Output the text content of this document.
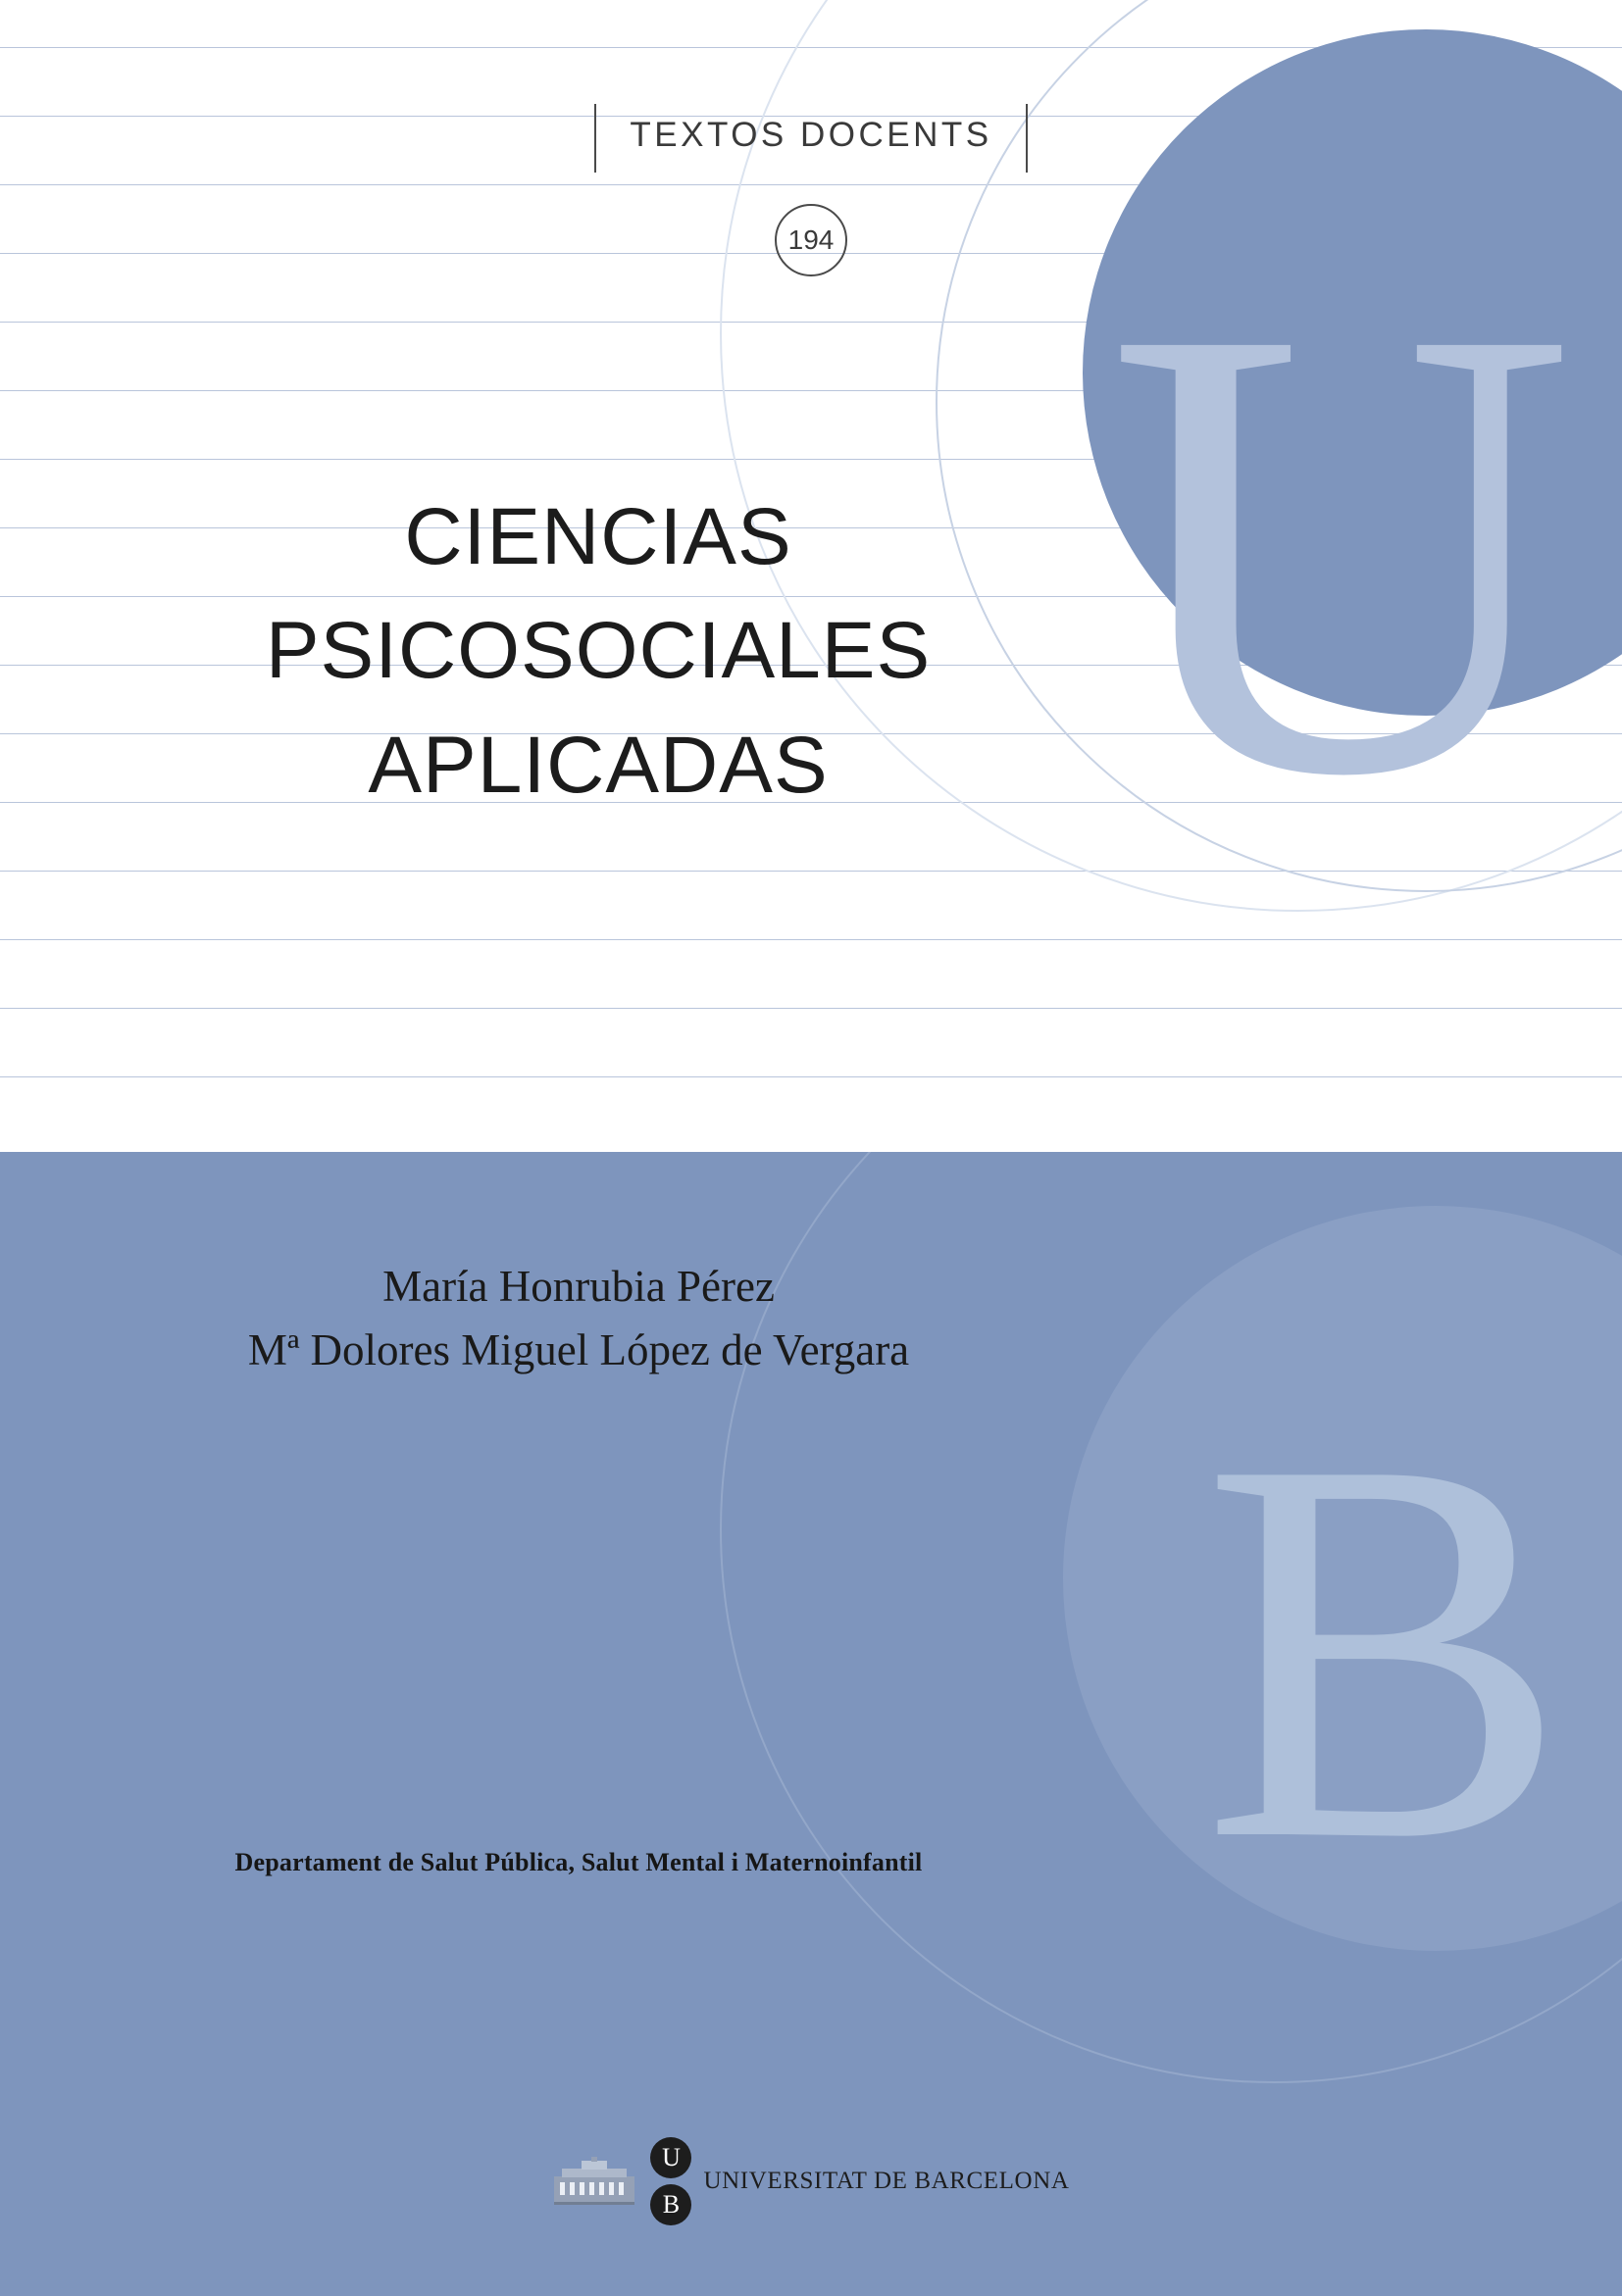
U
B
TEXTOS DOCENTS
194
CIENCIAS
PSICOSOCIALES
APLICADAS
María Honrubia Pérez
Mª Dolores Miguel López de Vergara
Departament de Salut Pública, Salut Mental i Maternoinfantil
U
B
UNIVERSITAT DE BARCELONA
